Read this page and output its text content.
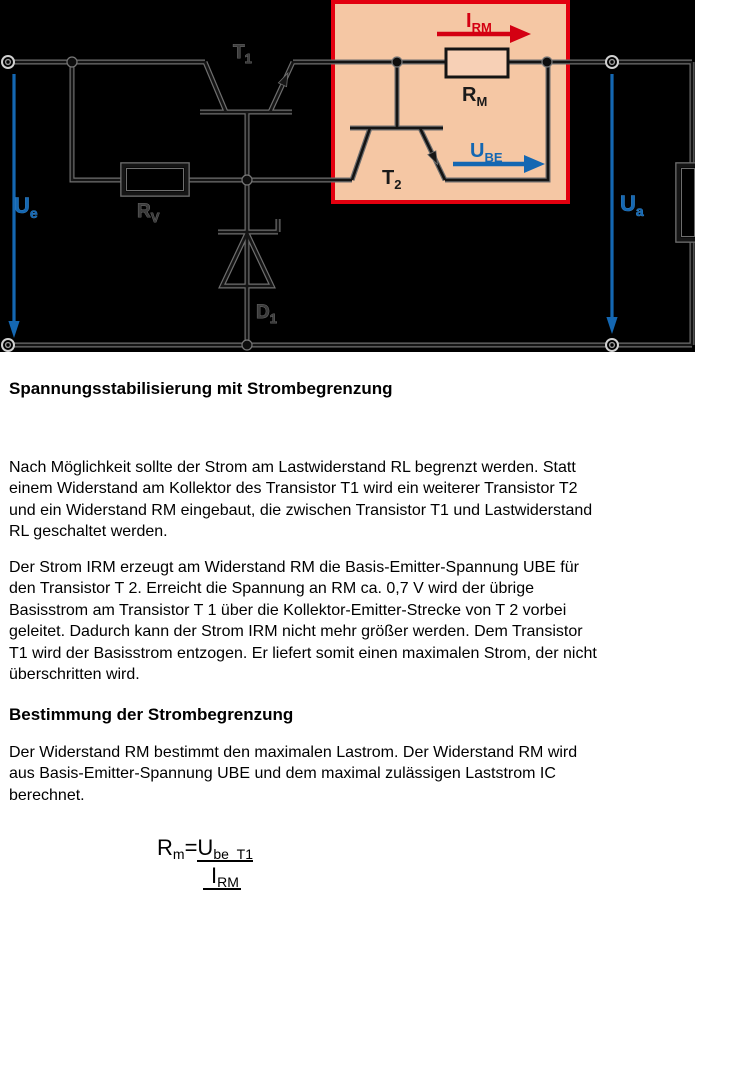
$T_1$
$R_V$
$D_1$
$T_2$
$R_M$
$I_{RM}$
$U_{BE}$
$U_e$	$U_a$
Spannungsstabilisierung mit Strombegrenzung

Nach Möglichkeit sollte der Strom am Lastwiderstand RL begrenzt werden. Statt
einem Widerstand am Kollektor des Transistor T1 wird ein weiterer Transistor T2
und ein Widerstand RM eingebaut, die zwischen Transistor T1 und Lastwiderstand
RL geschaltet werden.

Der Strom IRM erzeugt am Widerstand RM die Basis-Emitter-Spannung UBE für
den Transistor T 2. Erreicht die Spannung an RM ca. 0,7 V wird der übrige
Basisstrom am Transistor T 1 über die Kollektor-Emitter-Strecke von T 2 vorbei
geleitet. Dadurch kann der Strom IRM nicht mehr größer werden. Dem Transistor
T1 wird der Basisstrom entzogen. Er liefert somit einen maximalen Strom, der nicht
überschritten wird.

Bestimmung der Strombegrenzung

Der Widerstand RM bestimmt den maximalen Lastrom. Der Widerstand RM wird
aus Basis-Emitter-Spannung UBE und dem maximal zulässigen Laststrom IC
berechnet.

$R_m=U_{be\_T1}$
$I_{RM}$
